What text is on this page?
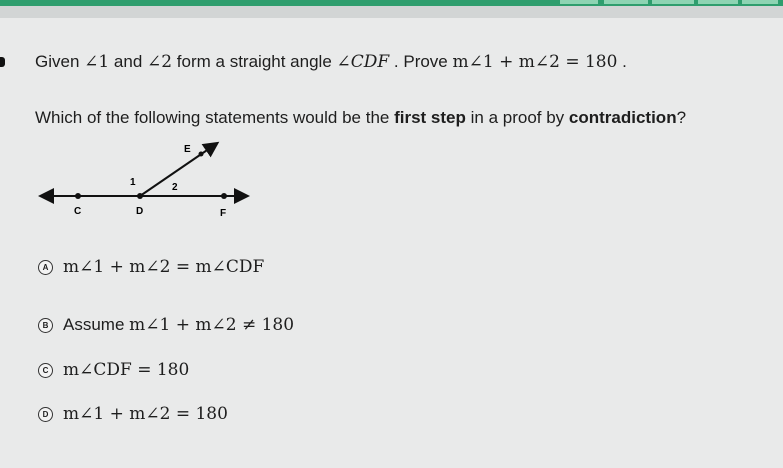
Given ∠1 and ∠2 form a straight angle ∠CDF . Prove m∠1 + m∠2 = 180 .
Which of the following statements would be the first step in a proof by contradiction?
E
1	2
C	D	F
A m∠1 + m∠2 = m∠CDF
B Assume m∠1 + m∠2 ≠ 180
C m∠CDF = 180
D m∠1 + m∠2 = 180
